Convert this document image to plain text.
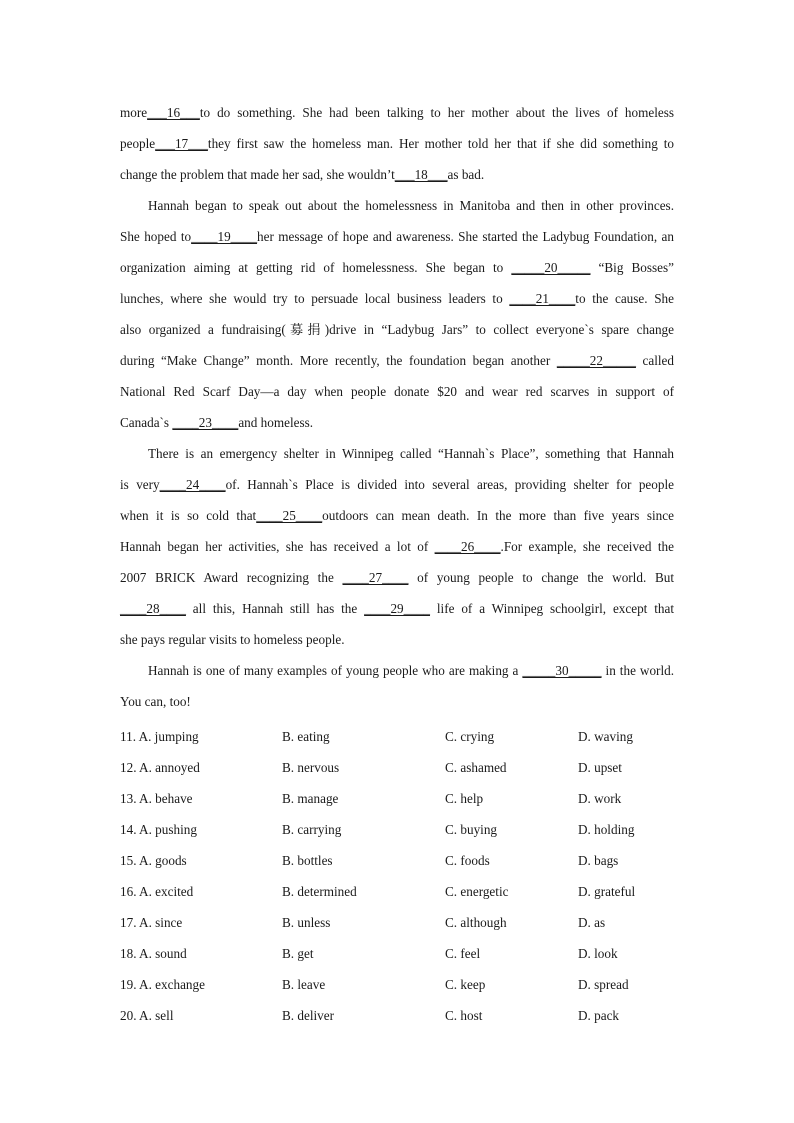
more___16___to do something. She had been talking to her mother about the lives of homeless
people___17___they first saw the homeless man. Her mother told her that if she did something to
change the problem that made her sad, she wouldn’t___18___as bad.
Hannah began to speak out about the homelessness in Manitoba and then in other provinces.
She hoped to____19____her message of hope and awareness. She started the Ladybug Foundation, an
organization aiming at getting rid of homelessness. She began to _____20_____ “Big Bosses”
lunches, where she would try to persuade local business leaders to ____21____to the cause. She
also organized a fundraising(募捐)drive in “Ladybug Jars” to collect everyone`s spare change
during “Make Change” month. More recently, the foundation began another _____22_____ called
National Red Scarf Day—a day when people donate $20 and wear red scarves in support of
Canada`s ____23____and homeless.
There is an emergency shelter in Winnipeg called “Hannah`s Place”, something that Hannah
is very____24____of. Hannah`s Place is divided into several areas, providing shelter for people
when it is so cold that____25____outdoors can mean death. In the more than five years since
Hannah began her activities, she has received a lot of ____26____.For example, she received the
2007 BRICK Award recognizing the ____27____ of young people to change the world. But
____28____ all this, Hannah still has the ____29____ life of a Winnipeg schoolgirl, except that
she pays regular visits to homeless people.
Hannah is one of many examples of young people who are making a _____30_____ in the world.
You can, too!
11. A. jumping	B. eating	C. crying	D. waving
12. A. annoyed	B. nervous	C. ashamed	D. upset
13. A. behave	B. manage	C. help	D. work
14. A. pushing	B. carrying	C. buying	D. holding
15. A. goods	B. bottles	C. foods	D. bags
16. A. excited	B. determined	C. energetic	D. grateful
17. A. since	B. unless	C. although	D. as
18. A. sound	B. get	C. feel	D. look
19. A. exchange	B. leave	C. keep	D. spread
20. A. sell	B. deliver	C. host	D. pack
